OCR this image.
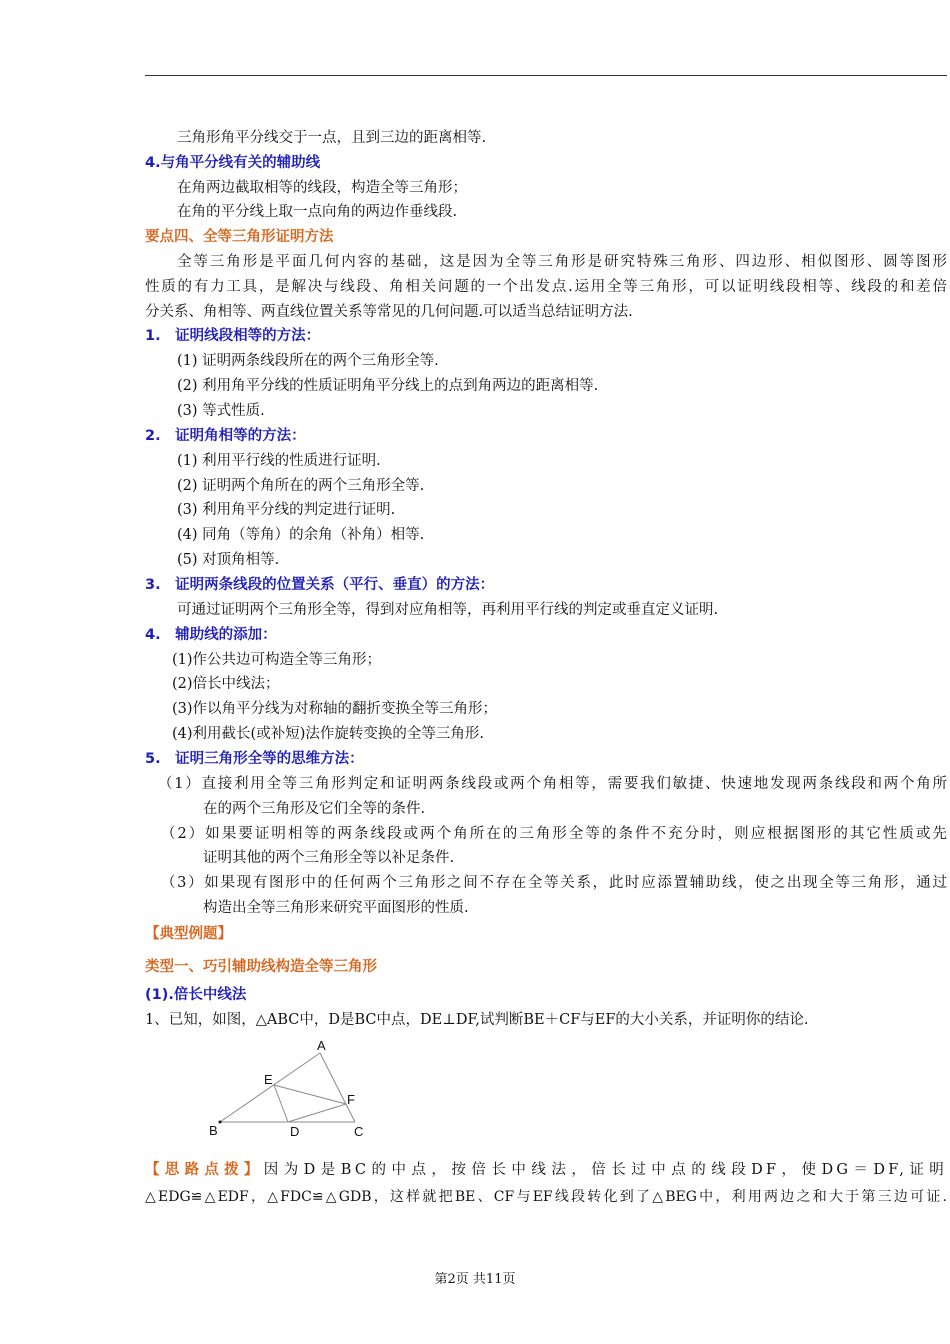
三角形角平分线交于一点，且到三边的距离相等.
4.与角平分线有关的辅助线
在角两边截取相等的线段，构造全等三角形；
在角的平分线上取一点向角的两边作垂线段.
要点四、全等三角形证明方法
全等三角形是平面几何内容的基础，这是因为全等三角形是研究特殊三角形、四边形、相似图形、圆等图形
性质的有力工具，是解决与线段、角相关问题的一个出发点.运用全等三角形，可以证明线段相等、线段的和差倍
分关系、角相等、两直线位置关系等常见的几何问题.可以适当总结证明方法.
1.　证明线段相等的方法：
(1) 证明两条线段所在的两个三角形全等.
(2) 利用角平分线的性质证明角平分线上的点到角两边的距离相等.
(3) 等式性质.
2.　证明角相等的方法：
(1) 利用平行线的性质进行证明.
(2) 证明两个角所在的两个三角形全等.
(3) 利用角平分线的判定进行证明.
(4) 同角（等角）的余角（补角）相等.
(5) 对顶角相等.
3.　证明两条线段的位置关系（平行、垂直）的方法：
可通过证明两个三角形全等，得到对应角相等，再利用平行线的判定或垂直定义证明.
4.　辅助线的添加：
(1)作公共边可构造全等三角形；
(2)倍长中线法；
(3)作以角平分线为对称轴的翻折变换全等三角形；
(4)利用截长(或补短)法作旋转变换的全等三角形.
5.　证明三角形全等的思维方法：
（1）直接利用全等三角形判定和证明两条线段或两个角相等，需要我们敏捷、快速地发现两条线段和两个角所
在的两个三角形及它们全等的条件.
（2）如果要证明相等的两条线段或两个角所在的三角形全等的条件不充分时，则应根据图形的其它性质或先
证明其他的两个三角形全等以补足条件.
（3）如果现有图形中的任何两个三角形之间不存在全等关系，此时应添置辅助线，使之出现全等三角形，通过
构造出全等三角形来研究平面图形的性质.
【典型例题】
类型一、巧引辅助线构造全等三角形
(1).倍长中线法
1、已知，如图，△ABC中，D是BC中点，DE⊥DF,试判断BE＋CF与EF的大小关系，并证明你的结论.
A
E
F
B	D	C
【思路点拨】因为D是BC的中点，按倍长中线法，倍长过中点的线段DF，使DG＝DF,证明
△EDG≌△EDF，△FDC≌△GDB，这样就把BE、CF与EF线段转化到了△BEG中，利用两边之和大于第三边可证.
第2页 共11页
